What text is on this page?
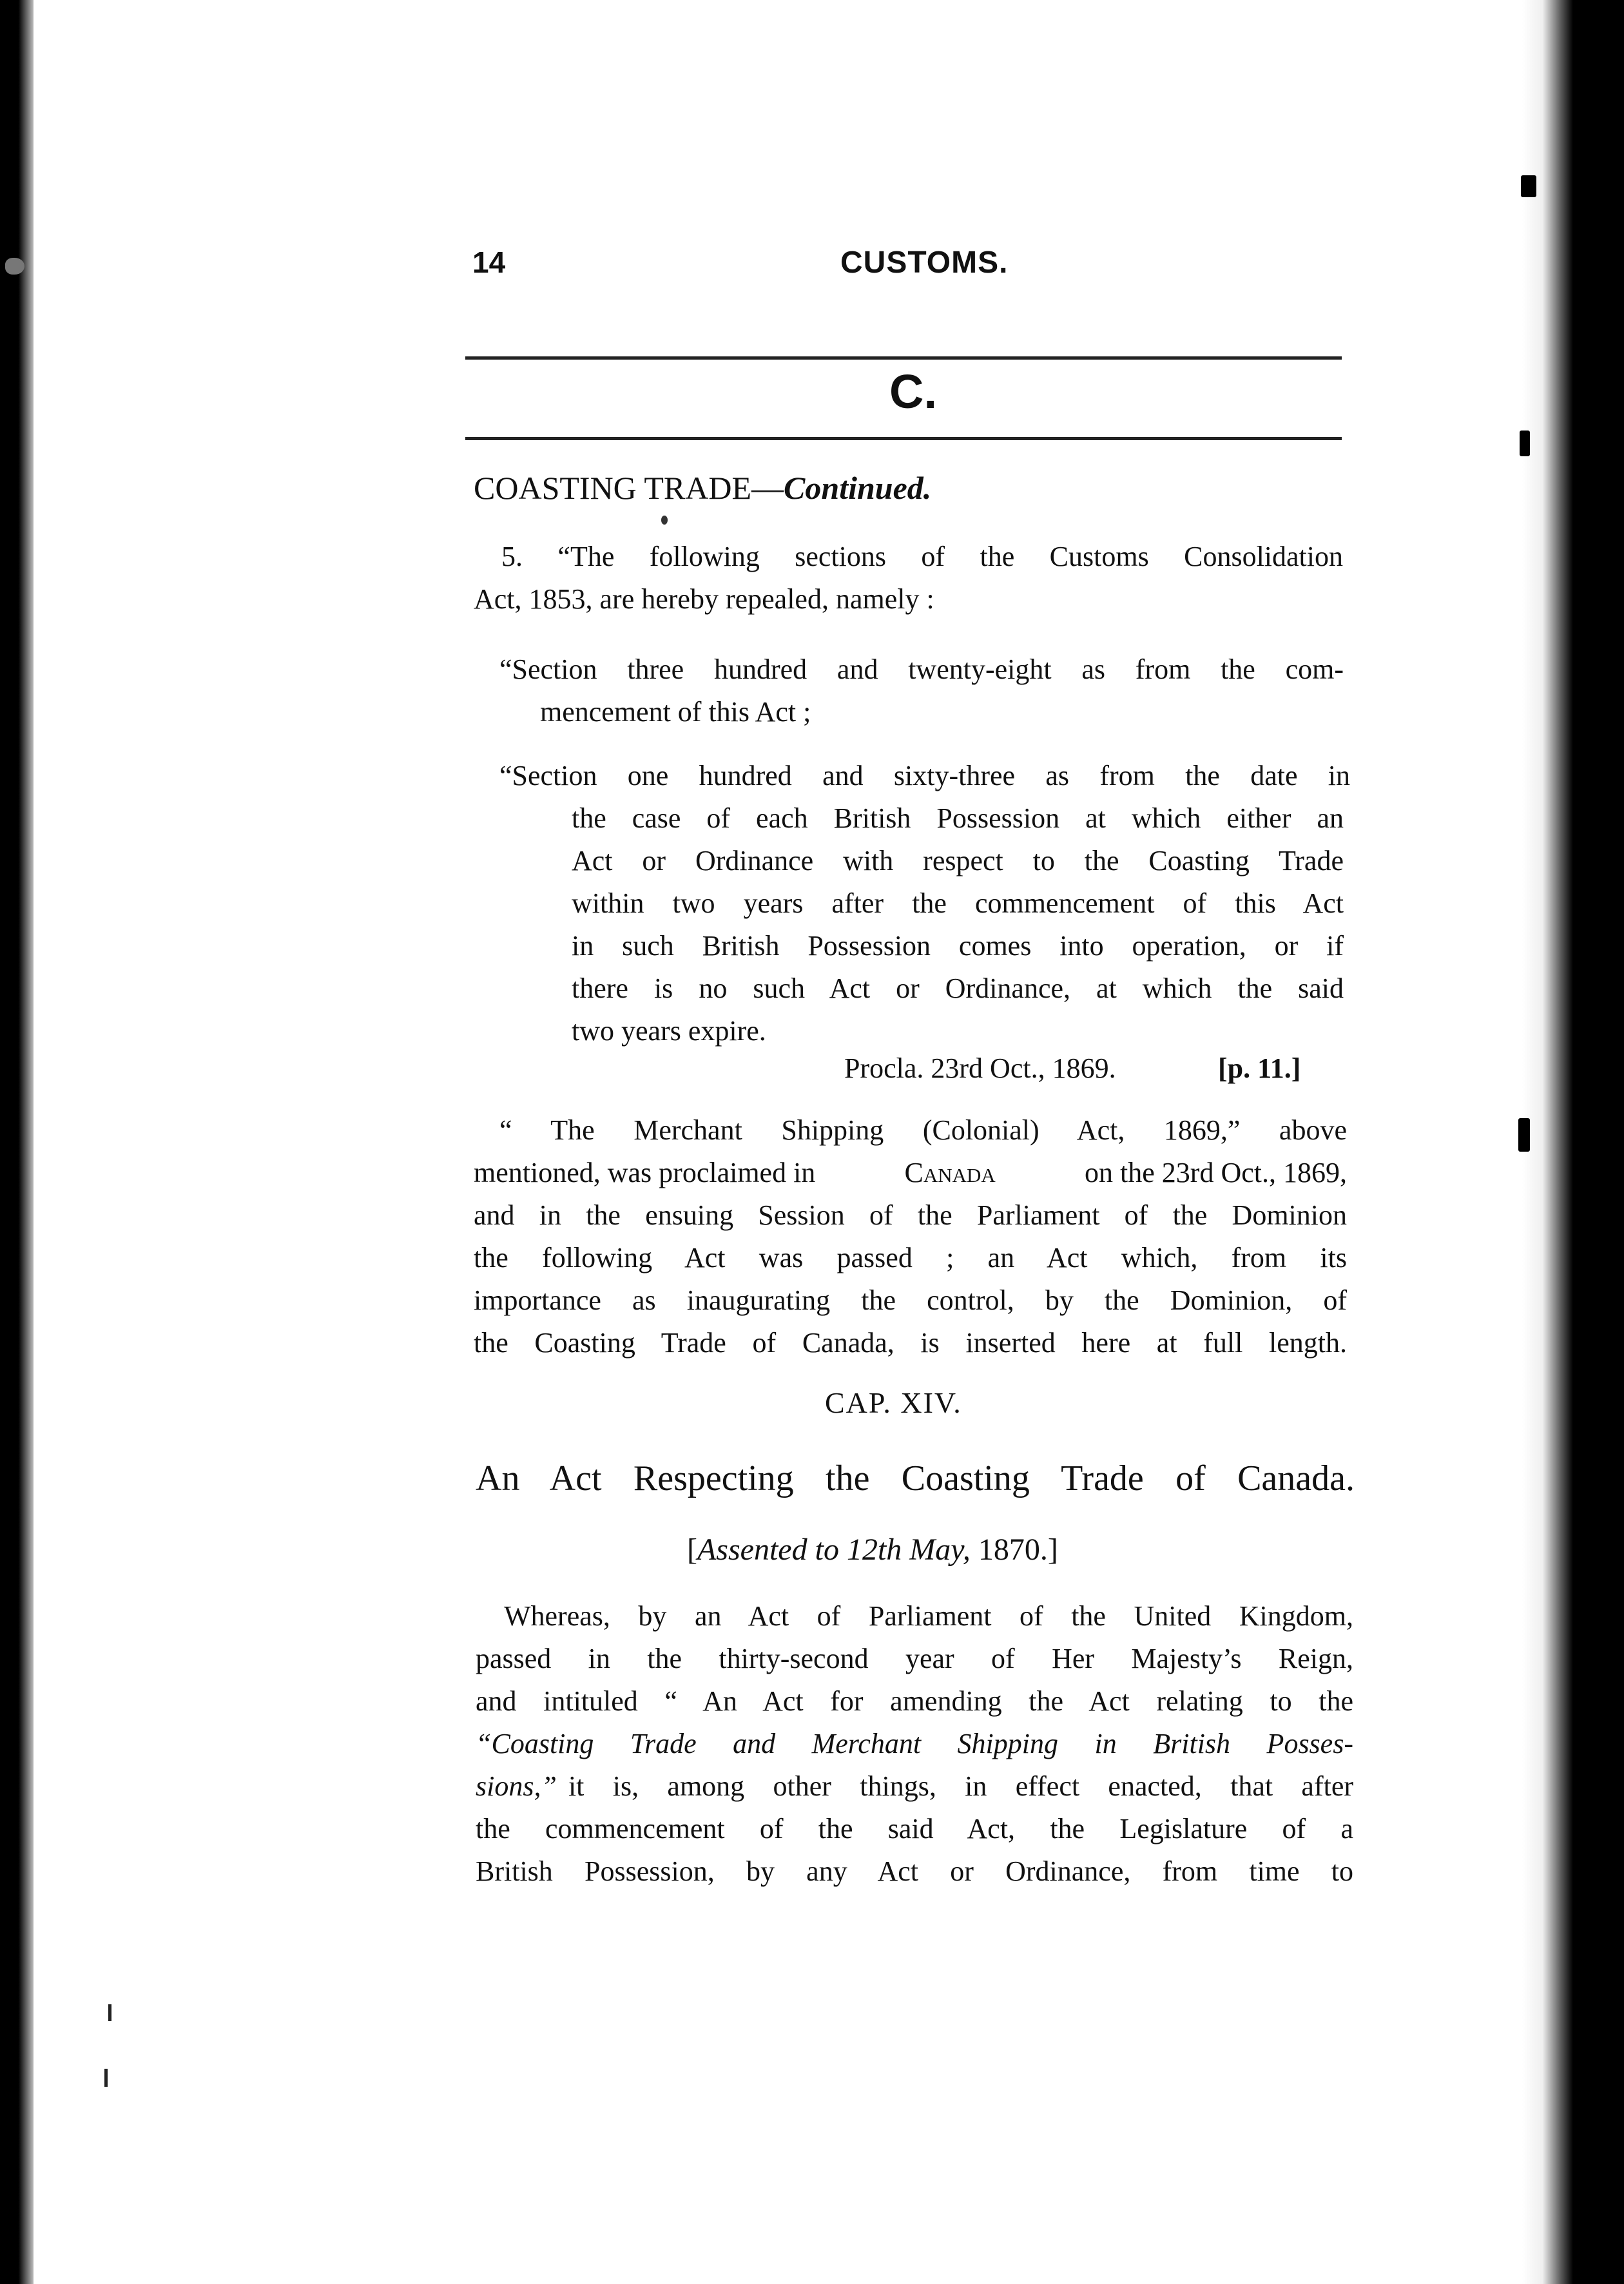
14	CUSTOMS.
C.
COASTING TRADE—Continued.
5. “The following sections of the Customs Consolidation
Act, 1853, are hereby repealed, namely :
“Section three hundred and twenty-eight as from the com-
mencement of this Act ;
“Section one hundred and sixty-three as from the date in
the case of each British Possession at which either an
Act or Ordinance with respect to the Coasting Trade
within two years after the commencement of this Act
in such British Possession comes into operation, or if
there is no such Act or Ordinance, at which the said
two years expire.
Procla. 23rd Oct., 1869.	[p. 11.]
“ The Merchant Shipping (Colonial) Act, 1869,” above
mentioned, was proclaimed in	Canada	on the 23rd Oct., 1869,
and in the ensuing Session of the Parliament of the Dominion
the following Act was passed ; an Act which, from its
importance as inaugurating the control, by the Dominion, of
the Coasting Trade of Canada, is inserted here at full length.
CAP. XIV.
An Act Respecting the Coasting Trade of Canada.
[Assented to 12th May, 1870.]
Whereas, by an Act of Parliament of the United Kingdom,
passed in the thirty-second year of Her Majesty’s Reign,
and intituled “ An Act for amending the Act relating to the
“Coasting Trade and Merchant Shipping in British Posses-
sions,” it is, among other things, in effect enacted, that after
the commencement of the said Act, the Legislature of a
British Possession, by any Act or Ordinance, from time to
